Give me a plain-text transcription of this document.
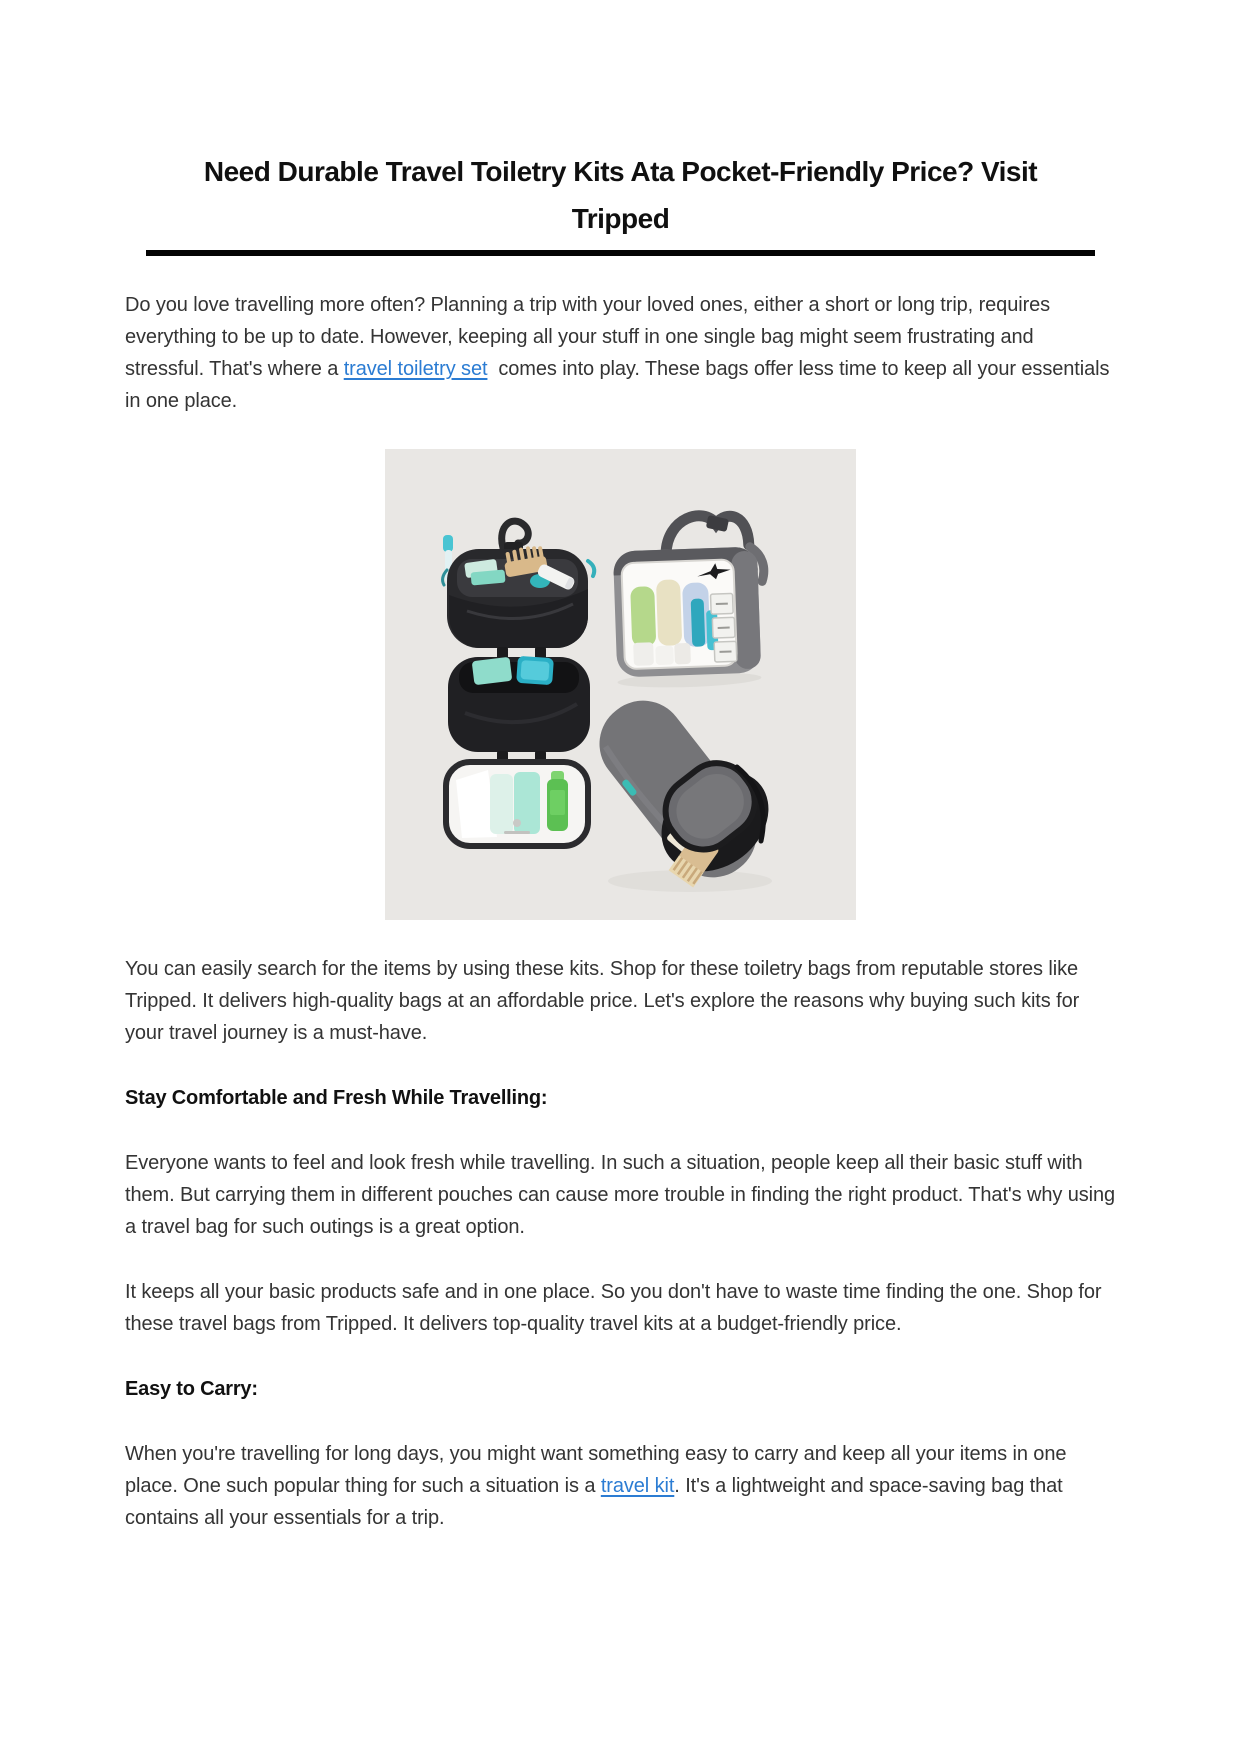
Need Durable Travel Toiletry Kits Ata Pocket-Friendly Price? Visit
Tripped

Do you love travelling more often? Planning a trip with your loved ones, either a short or long trip, requires everything to be up to date. However, keeping all your stuff in one single bag might seem frustrating and stressful. That's where a travel toiletry set  comes into play. These bags offer less time to keep all your essentials in one place.

You can easily search for the items by using these kits. Shop for these toiletry bags from reputable stores like Tripped. It delivers high-quality bags at an affordable price. Let's explore the reasons why buying such kits for your travel journey is a must-have.

Stay Comfortable and Fresh While Travelling:

Everyone wants to feel and look fresh while travelling. In such a situation, people keep all their basic stuff with them. But carrying them in different pouches can cause more trouble in finding the right product. That's why using a travel bag for such outings is a great option.

It keeps all your basic products safe and in one place. So you don't have to waste time finding the one. Shop for these travel bags from Tripped. It delivers top-quality travel kits at a budget-friendly price.

Easy to Carry:

When you're travelling for long days, you might want something easy to carry and keep all your items in one place. One such popular thing for such a situation is a travel kit. It's a lightweight and space-saving bag that contains all your essentials for a trip.
